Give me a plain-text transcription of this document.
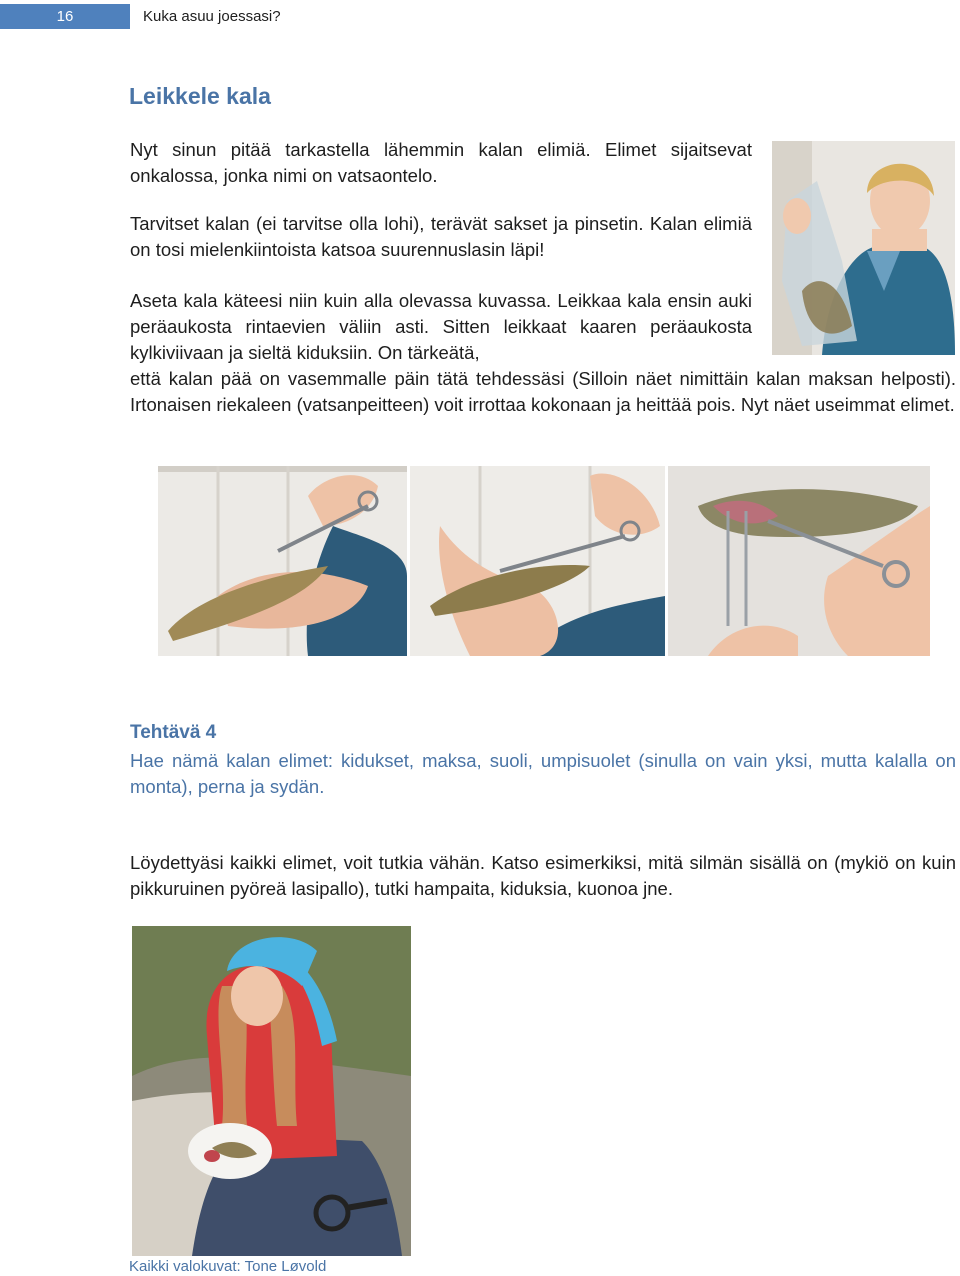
16	Kuka asuu joessasi?
Leikkele kala

Nyt sinun pitää tarkastella lähemmin kalan elimiä. Elimet sijaitsevat onkalossa, jonka nimi on vatsaontelo.

Tarvitset kalan (ei tarvitse olla lohi), terävät sakset ja pinsetin. Kalan elimiä on tosi mielenkiintoista katsoa suurennuslasin läpi!

Aseta kala käteesi niin kuin alla olevassa kuvassa. Leikkaa kala ensin auki peräaukosta rintaevien väliin asti. Sitten leikkaat kaaren peräaukosta kylkiviivaan ja sieltä kiduksiin. On tärkeätä,

että kalan pää on vasemmalle päin tätä tehdessäsi (Silloin näet nimittäin kalan maksan helposti). Irtonaisen riekaleen (vatsanpeitteen) voit irrottaa kokonaan ja heittää pois. Nyt näet useimmat elimet.

Tehtävä 4

Hae nämä kalan elimet: kidukset, maksa, suoli, umpisuolet (sinulla on vain yksi, mutta kalalla on monta), perna ja sydän.

Löydettyäsi kaikki elimet, voit tutkia vähän. Katso esimerkiksi, mitä silmän sisällä on (mykiö on kuin pikkuruinen pyöreä lasipallo), tutki hampaita, kiduksia, kuonoa jne.

Kaikki valokuvat: Tone Løvold
